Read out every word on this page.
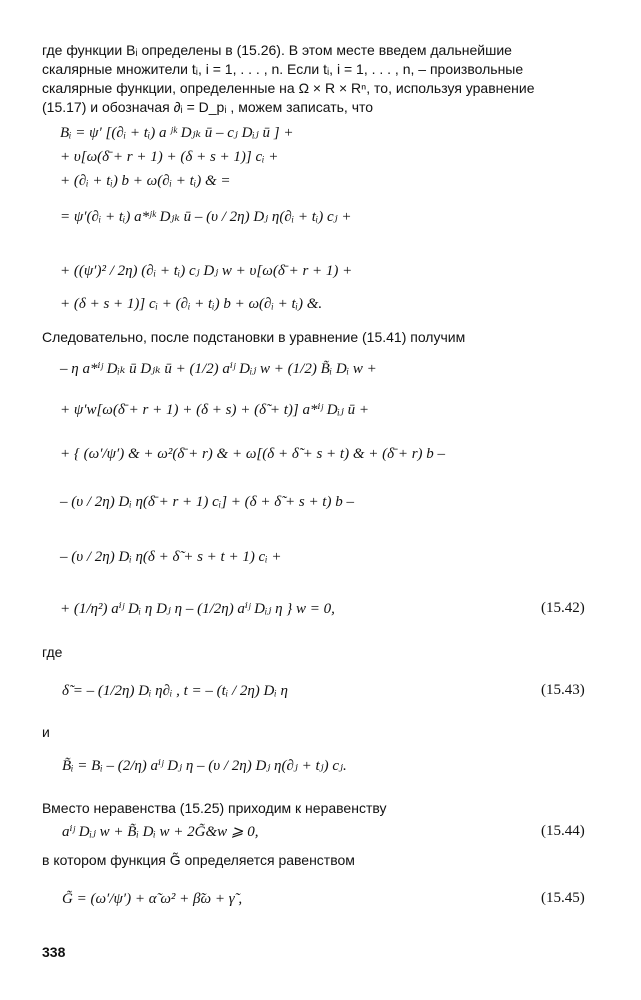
где функции Bᵢ определены в (15.26). В этом месте введем дальнейшие
скалярные множители tᵢ, i = 1, . . . , n. Если tᵢ, i = 1, . . . , n, – произвольные
скалярные функции, определенные на Ω × R × Rⁿ, то, используя уравнение
(15.17) и обозначая ∂ᵢ = D_pᵢ , можем записать, что
Bᵢ = ψ′ [(∂ᵢ + tᵢ) a ʲᵏ Dⱼₖ ū – cⱼ Dᵢⱼ ū ] +
+ υ[ω(δ̄ + r + 1) + (δ + s + 1)] cᵢ +
+ (∂ᵢ + tᵢ) b + ω(∂ᵢ + tᵢ) & =
= ψ′(∂ᵢ + tᵢ) a*ʲᵏ Dⱼₖ ū – (υ / 2η) Dⱼ η(∂ᵢ + tᵢ) cⱼ +
+ ((ψ′)² / 2η) (∂ᵢ + tᵢ) cⱼ Dⱼ w + υ[ω(δ̄ + r + 1) +
+ (δ + s + 1)] cᵢ + (∂ᵢ + tᵢ) b + ω(∂ᵢ + tᵢ) &.
Следовательно, после подстановки в уравнение (15.41) получим
– η a*ⁱʲ Dᵢₖ ū Dⱼₖ ū + (1/2) aⁱʲ Dᵢⱼ w + (1/2) B̃ᵢ Dᵢ w +
+ ψ′w[ω(δ̄ + r + 1) + (δ + s) + (δ̃ + t)] a*ⁱʲ Dᵢⱼ ū +
+ { (ω′/ψ′) & + ω²(δ̄ + r) & + ω[(δ + δ̃ + s + t) & + (δ̄ + r) b –
– (υ / 2η) Dᵢ η(δ̄ + r + 1) cᵢ] + (δ + δ̃ + s + t) b –
– (υ / 2η) Dᵢ η(δ + δ̃ + s + t + 1) cᵢ +
+ (1/η²) aⁱʲ Dᵢ η Dⱼ η – (1/2η) aⁱʲ Dᵢⱼ η } w = 0,	(15.42)
где
δ̃ = – (1/2η) Dᵢ η∂ᵢ , t = – (tᵢ / 2η) Dᵢ η	(15.43)
и
B̃ᵢ = Bᵢ – (2/η) aⁱʲ Dⱼ η – (υ / 2η) Dⱼ η(∂ⱼ + tⱼ) cⱼ.
Вместо неравенства (15.25) приходим к неравенству
aⁱʲ Dᵢⱼ w + B̃ᵢ Dᵢ w + 2G̃&w ⩾ 0,	(15.44)
в котором функция G̃ определяется равенством
G̃ = (ω′/ψ′) + α̃ ω² + β̃ω + γ̃ ,	(15.45)
338
